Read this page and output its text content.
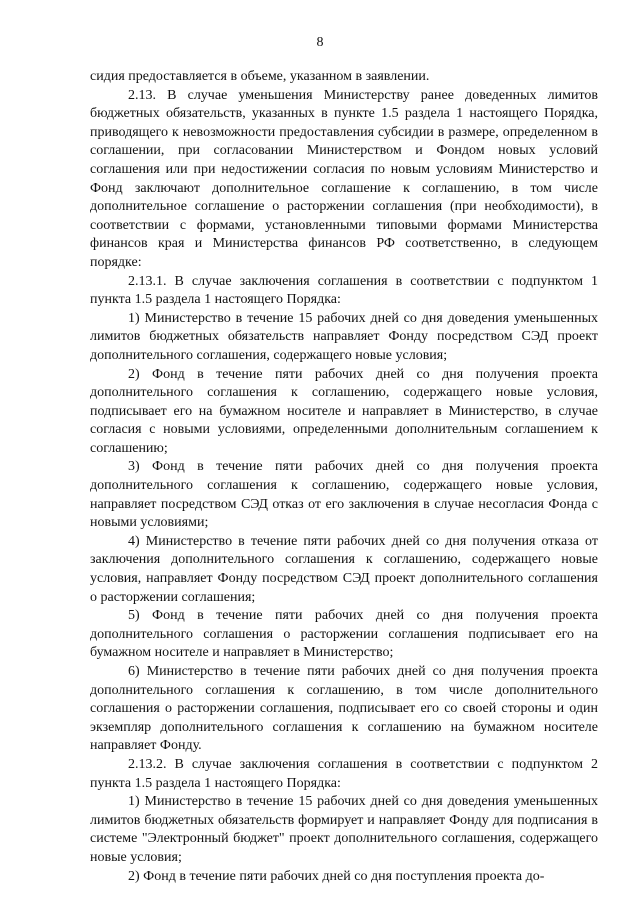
8

сидия предоставляется в объеме, указанном в заявлении.

2.13. В случае уменьшения Министерству ранее доведенных лимитов бюджетных обязательств, указанных в пункте 1.5 раздела 1 настоящего Порядка, приводящего к невозможности предоставления субсидии в размере, определенном в соглашении, при согласовании Министерством и Фондом новых условий соглашения или при недостижении согласия по новым условиям Министерство и Фонд заключают дополнительное соглашение к соглашению, в том числе дополнительное соглашение о расторжении соглашения (при необходимости), в соответствии с формами, установленными типовыми формами Министерства финансов края и Министерства финансов РФ соответственно, в следующем порядке:

2.13.1. В случае заключения соглашения в соответствии с подпунктом 1 пункта 1.5 раздела 1 настоящего Порядка:

1) Министерство в течение 15 рабочих дней со дня доведения уменьшенных лимитов бюджетных обязательств направляет Фонду посредством СЭД проект дополнительного соглашения, содержащего новые условия;

2) Фонд в течение пяти рабочих дней со дня получения проекта дополнительного соглашения к соглашению, содержащего новые условия, подписывает его на бумажном носителе и направляет в Министерство, в случае согласия с новыми условиями, определенными дополнительным соглашением к соглашению;

3) Фонд в течение пяти рабочих дней со дня получения проекта дополнительного соглашения к соглашению, содержащего новые условия, направляет посредством СЭД отказ от его заключения в случае несогласия Фонда с новыми условиями;

4) Министерство в течение пяти рабочих дней со дня получения отказа от заключения дополнительного соглашения к соглашению, содержащего новые условия, направляет Фонду посредством СЭД проект дополнительного соглашения о расторжении соглашения;

5) Фонд в течение пяти рабочих дней со дня получения проекта дополнительного соглашения о расторжении соглашения подписывает его на бумажном носителе и направляет в Министерство;

6) Министерство в течение пяти рабочих дней со дня получения проекта дополнительного соглашения к соглашению, в том числе дополнительного соглашения о расторжении соглашения, подписывает его со своей стороны и один экземпляр дополнительного соглашения к соглашению на бумажном носителе направляет Фонду.

2.13.2. В случае заключения соглашения в соответствии с подпунктом 2 пункта 1.5 раздела 1 настоящего Порядка:

1) Министерство в течение 15 рабочих дней со дня доведения уменьшенных лимитов бюджетных обязательств формирует и направляет Фонду для подписания в системе "Электронный бюджет" проект дополнительного соглашения, содержащего новые условия;

2) Фонд в течение пяти рабочих дней со дня поступления проекта до-
